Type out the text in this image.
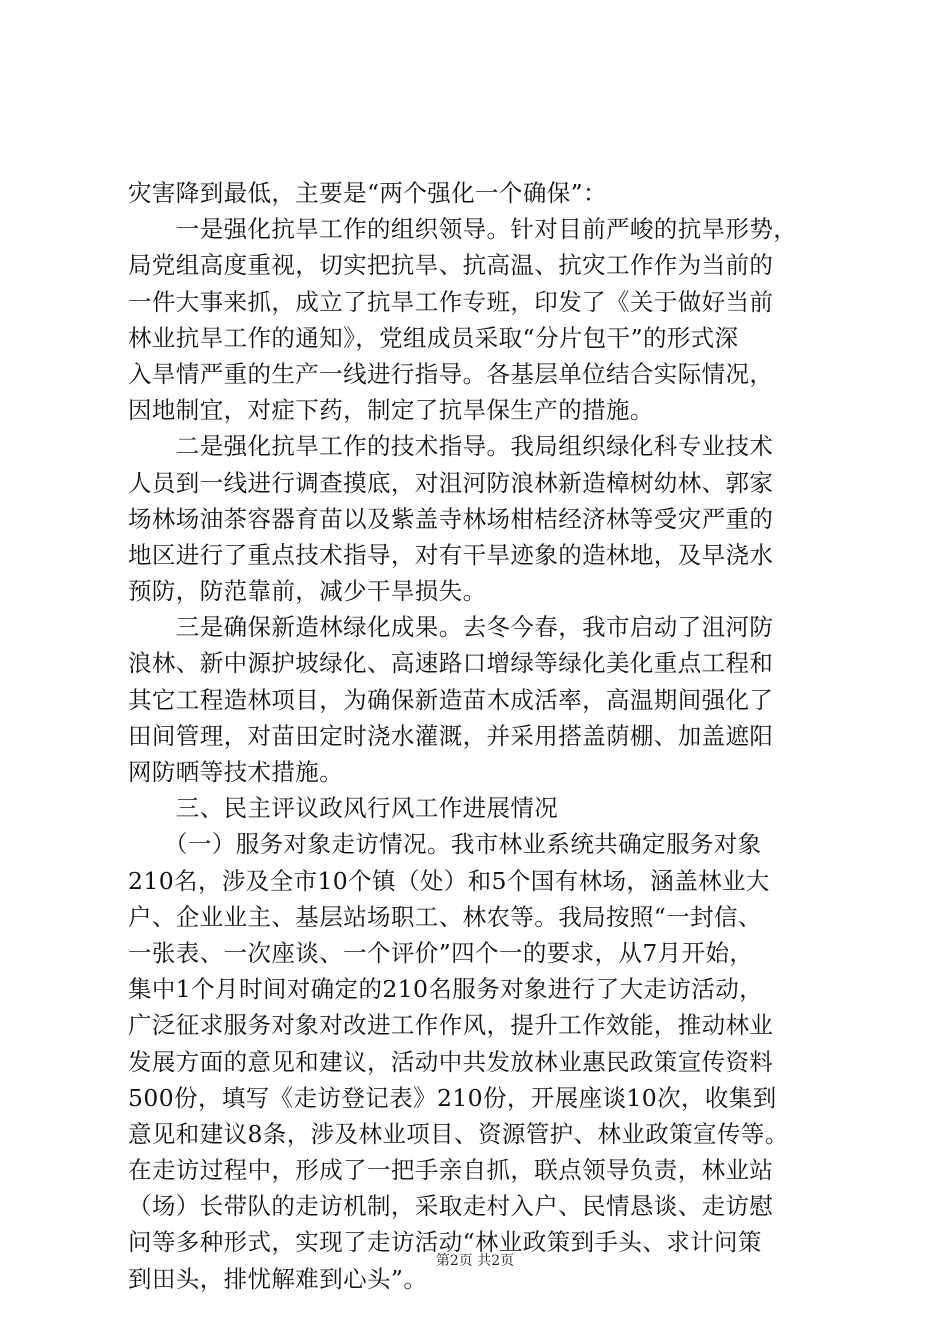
灾害降到最低，主要是“两个强化一个确保”：
　　一是强化抗旱工作的组织领导。针对目前严峻的抗旱形势，
局党组高度重视，切实把抗旱、抗高温、抗灾工作作为当前的
一件大事来抓，成立了抗旱工作专班，印发了《关于做好当前
林业抗旱工作的通知》，党组成员采取“分片包干”的形式深
入旱情严重的生产一线进行指导。各基层单位结合实际情况，
因地制宜，对症下药，制定了抗旱保生产的措施。
　　二是强化抗旱工作的技术指导。我局组织绿化科专业技术
人员到一线进行调查摸底，对沮河防浪林新造樟树幼林、郭家
场林场油茶容器育苗以及紫盖寺林场柑桔经济林等受灾严重的
地区进行了重点技术指导，对有干旱迹象的造林地，及早浇水
预防，防范靠前，减少干旱损失。
　　三是确保新造林绿化成果。去冬今春，我市启动了沮河防
浪林、新中源护坡绿化、高速路口增绿等绿化美化重点工程和
其它工程造林项目，为确保新造苗木成活率，高温期间强化了
田间管理，对苗田定时浇水灌溉，并采用搭盖荫棚、加盖遮阳
网防晒等技术措施。
　　三、民主评议政风行风工作进展情况
　　（一）服务对象走访情况。我市林业系统共确定服务对象
210名，涉及全市10个镇（处）和5个国有林场，涵盖林业大
户、企业业主、基层站场职工、林农等。我局按照“一封信、
一张表、一次座谈、一个评价”四个一的要求，从7月开始，
集中1个月时间对确定的210名服务对象进行了大走访活动，
广泛征求服务对象对改进工作作风，提升工作效能，推动林业
发展方面的意见和建议，活动中共发放林业惠民政策宣传资料
500份，填写《走访登记表》210份，开展座谈10次，收集到
意见和建议8条，涉及林业项目、资源管护、林业政策宣传等。
在走访过程中，形成了一把手亲自抓，联点领导负责，林业站
（场）长带队的走访机制，采取走村入户、民情恳谈、走访慰
问等多种形式，实现了走访活动“林业政策到手头、求计问策
到田头，排忧解难到心头”。
第2页 共2页
